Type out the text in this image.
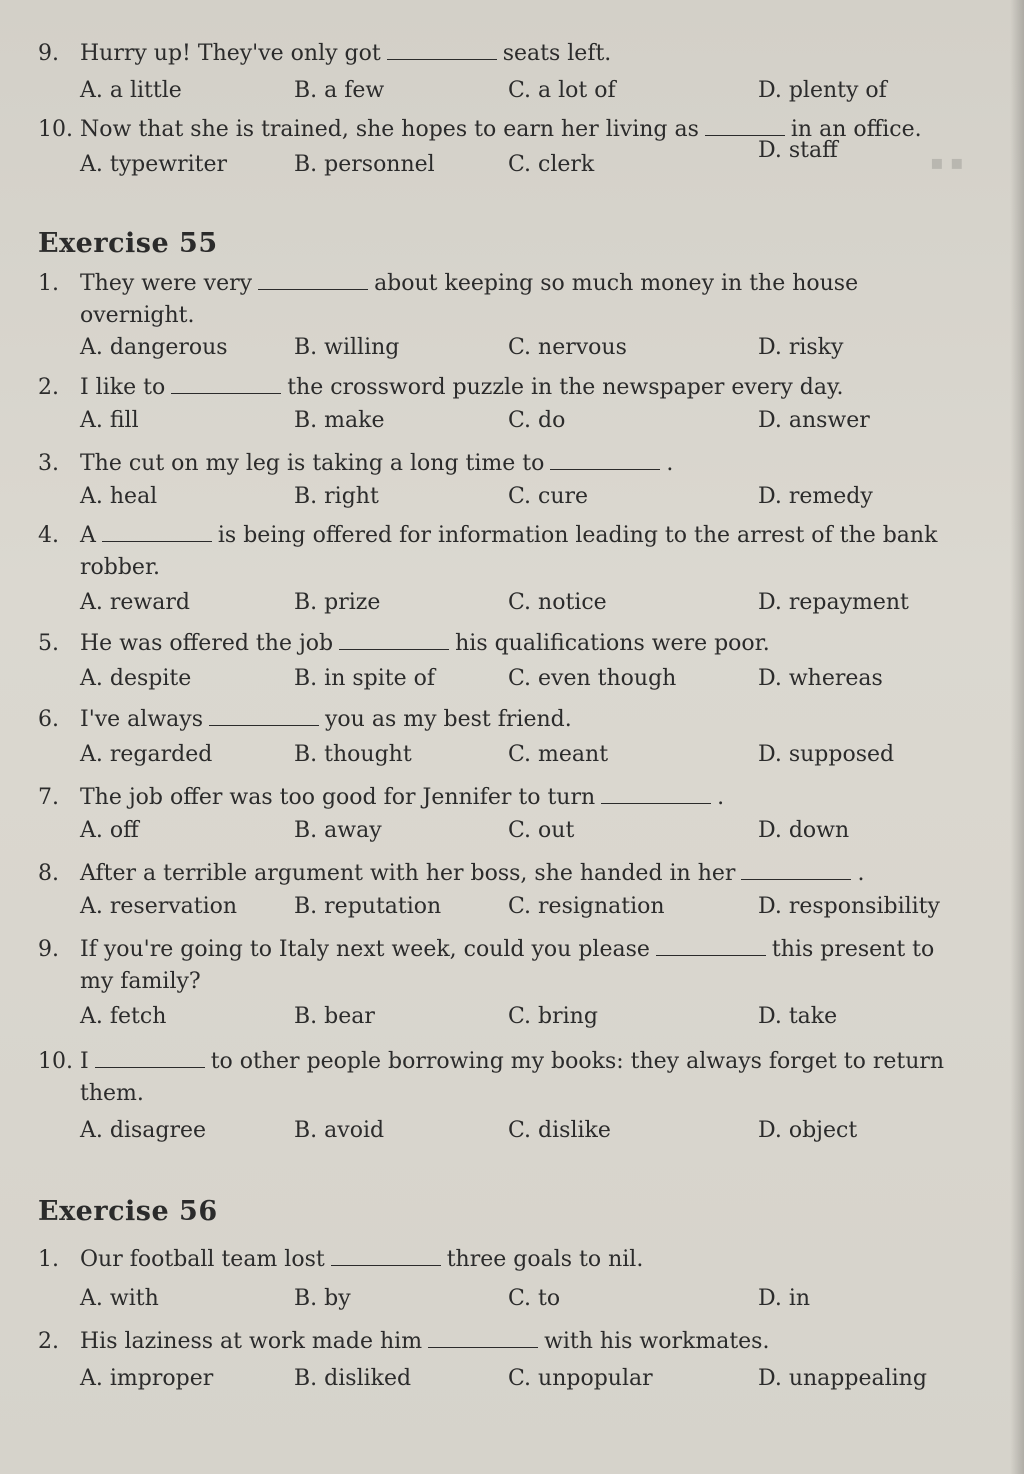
▪ ▪
9. Hurry up! They've only got	seats left.
A. a little	B. a few	C. a lot of	D. plenty of
10. Now that she is trained, she hopes to earn her living as	in an office.
A. typewriter	B. personnel	C. clerk
D. staff
Exercise 55
1. They were very	about keeping so much money in the house
overnight.
A. dangerous	B. willing	C. nervous	D. risky
2. I like to	the crossword puzzle in the newspaper every day.
A. fill	B. make	C. do	D. answer
3. The cut on my leg is taking a long time to	.
A. heal	B. right	C. cure	D. remedy
4. A	is being offered for information leading to the arrest of the bank
robber.
A. reward	B. prize	C. notice	D. repayment
5. He was offered the job	his qualifications were poor.
A. despite	B. in spite of	C. even though	D. whereas
6. I've always	you as my best friend.
A. regarded	B. thought	C. meant	D. supposed
7. The job offer was too good for Jennifer to turn	.
A. off	B. away	C. out	D. down
8. After a terrible argument with her boss, she handed in her	.
A. reservation	B. reputation	C. resignation	D. responsibility
9. If you're going to Italy next week, could you please	this present to
my family?
A. fetch	B. bear	C. bring	D. take
10. I	to other people borrowing my books: they always forget to return
them.
A. disagree	B. avoid	C. dislike	D. object
Exercise 56
1. Our football team lost	three goals to nil.
A. with	B. by	C. to	D. in
2. His laziness at work made him	with his workmates.
A. improper	B. disliked	C. unpopular	D. unappealing
